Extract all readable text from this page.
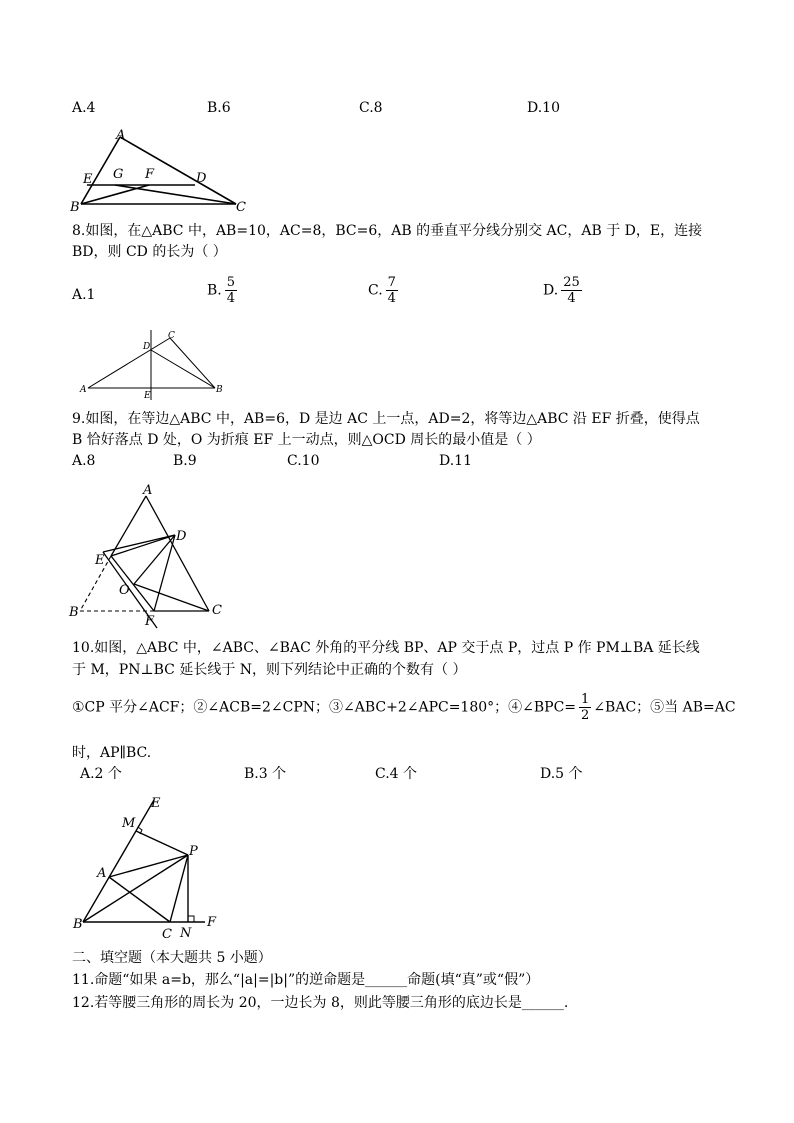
A.4	B.6	C.8	D.10
A
B	C
D
E G F
8.如图，在△ABC 中，AB=10，AC=8，BC=6，AB 的垂直平分线分别交 AC，AB 于 D，E，连接
BD，则 CD 的长为（ ）
A.1	B. $\frac{5}{4}$	C. $\frac{7}{4}$	D. $\frac{25}{4}$
A	B
C
D
E
9.如图，在等边△ABC 中，AB=6，D 是边 AC 上一点，AD=2，将等边△ABC 沿 EF 折叠，使得点
B 恰好落点 D 处，O 为折痕 EF 上一动点，则△OCD 周长的最小值是（ ）
A.8	B.9	C.10	D.11
A
B	C
D
E
F
O
10.如图，△ABC 中，∠ABC、∠BAC 外角的平分线 BP、AP 交于点 P，过点 P 作 PM⊥BA 延长线
于 M，PN⊥BC 延长线于 N，则下列结论中正确的个数有（ ）
①CP 平分∠ACF；②∠ACB=2∠CPN；③∠ABC+2∠APC=180°；④∠BPC= $\frac{1}{2}$ ∠BAC；⑤当 AB=AC
时，AP∥BC.
A.2 个	B.3 个	C.4 个	D.5 个
B
C
A
E
M
P
N
F
二、填空题（本大题共 5 小题）
11.命题“如果 a=b，那么“|a|=|b|”的逆命题是______命题(填“真”或“假”）
12.若等腰三角形的周长为 20，一边长为 8，则此等腰三角形的底边长是______.
